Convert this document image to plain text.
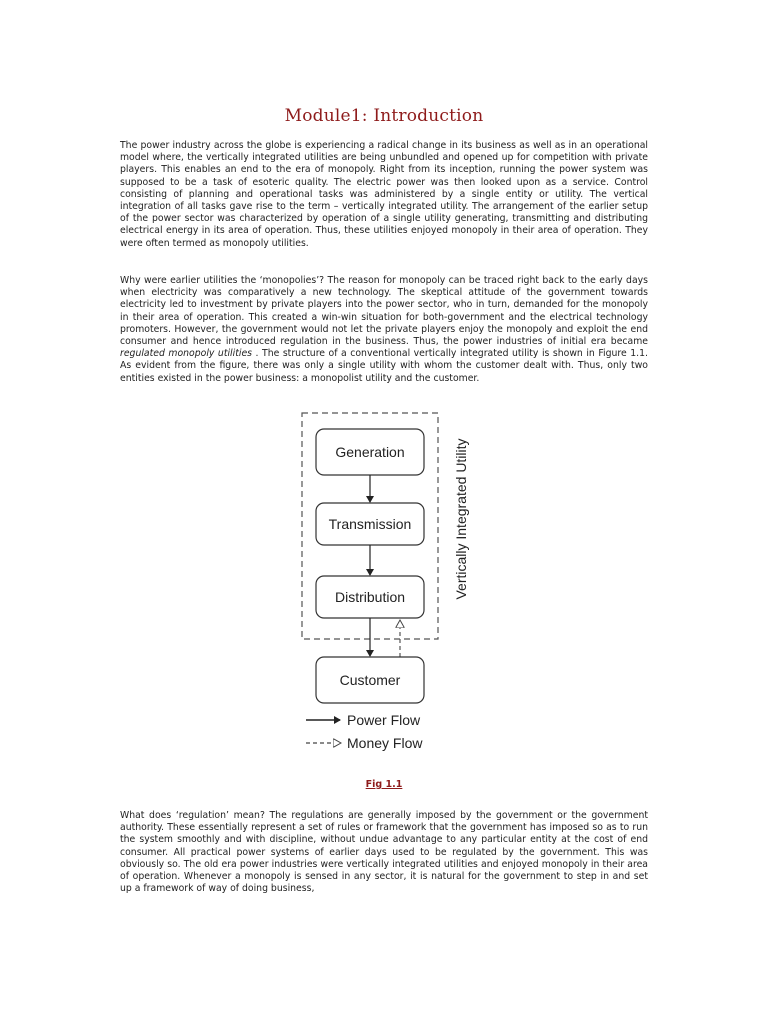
Module1: Introduction

The power industry across the globe is experiencing a radical change in its business as well as in an operational model where, the vertically integrated utilities are being unbundled and opened up for competition with private players. This enables an end to the era of monopoly. Right from its inception, running the power system was supposed to be a task of esoteric quality. The electric power was then looked upon as a service. Control consisting of planning and operational tasks was administered by a single entity or utility. The vertical integration of all tasks gave rise to the term – vertically integrated utility. The arrangement of the earlier setup of the power sector was characterized by operation of a single utility generating, transmitting and distributing electrical energy in its area of operation. Thus, these utilities enjoyed monopoly in their area of operation. They were often termed as monopoly utilities.

Why were earlier utilities the ‘monopolies’? The reason for monopoly can be traced right back to the early days when electricity was comparatively a new technology. The skeptical attitude of the government towards electricity led to investment by private players into the power sector, who in turn, demanded for the monopoly in their area of operation. This created a win-win situation for both-government and the electrical technology promoters. However, the government would not let the private players enjoy the monopoly and exploit the end consumer and hence introduced regulation in the business. Thus, the power industries of initial era became regulated monopoly utilities . The structure of a conventional vertically integrated utility is shown in Figure 1.1. As evident from the figure, there was only a single utility with whom the customer dealt with. Thus, only two entities existed in the power business: a monopolist utility and the customer.

Generation
Transmission
Distribution
Customer
Vertically Integrated Utility
Power Flow
Money Flow
Fig 1.1

What does ‘regulation’ mean? The regulations are generally imposed by the government or the government authority. These essentially represent a set of rules or framework that the government has imposed so as to run the system smoothly and with discipline, without undue advantage to any particular entity at the cost of end consumer. All practical power systems of earlier days used to be regulated by the government. This was obviously so. The old era power industries were vertically integrated utilities and enjoyed monopoly in their area of operation. Whenever a monopoly is sensed in any sector, it is natural for the government to step in and set up a framework of way of doing business,
